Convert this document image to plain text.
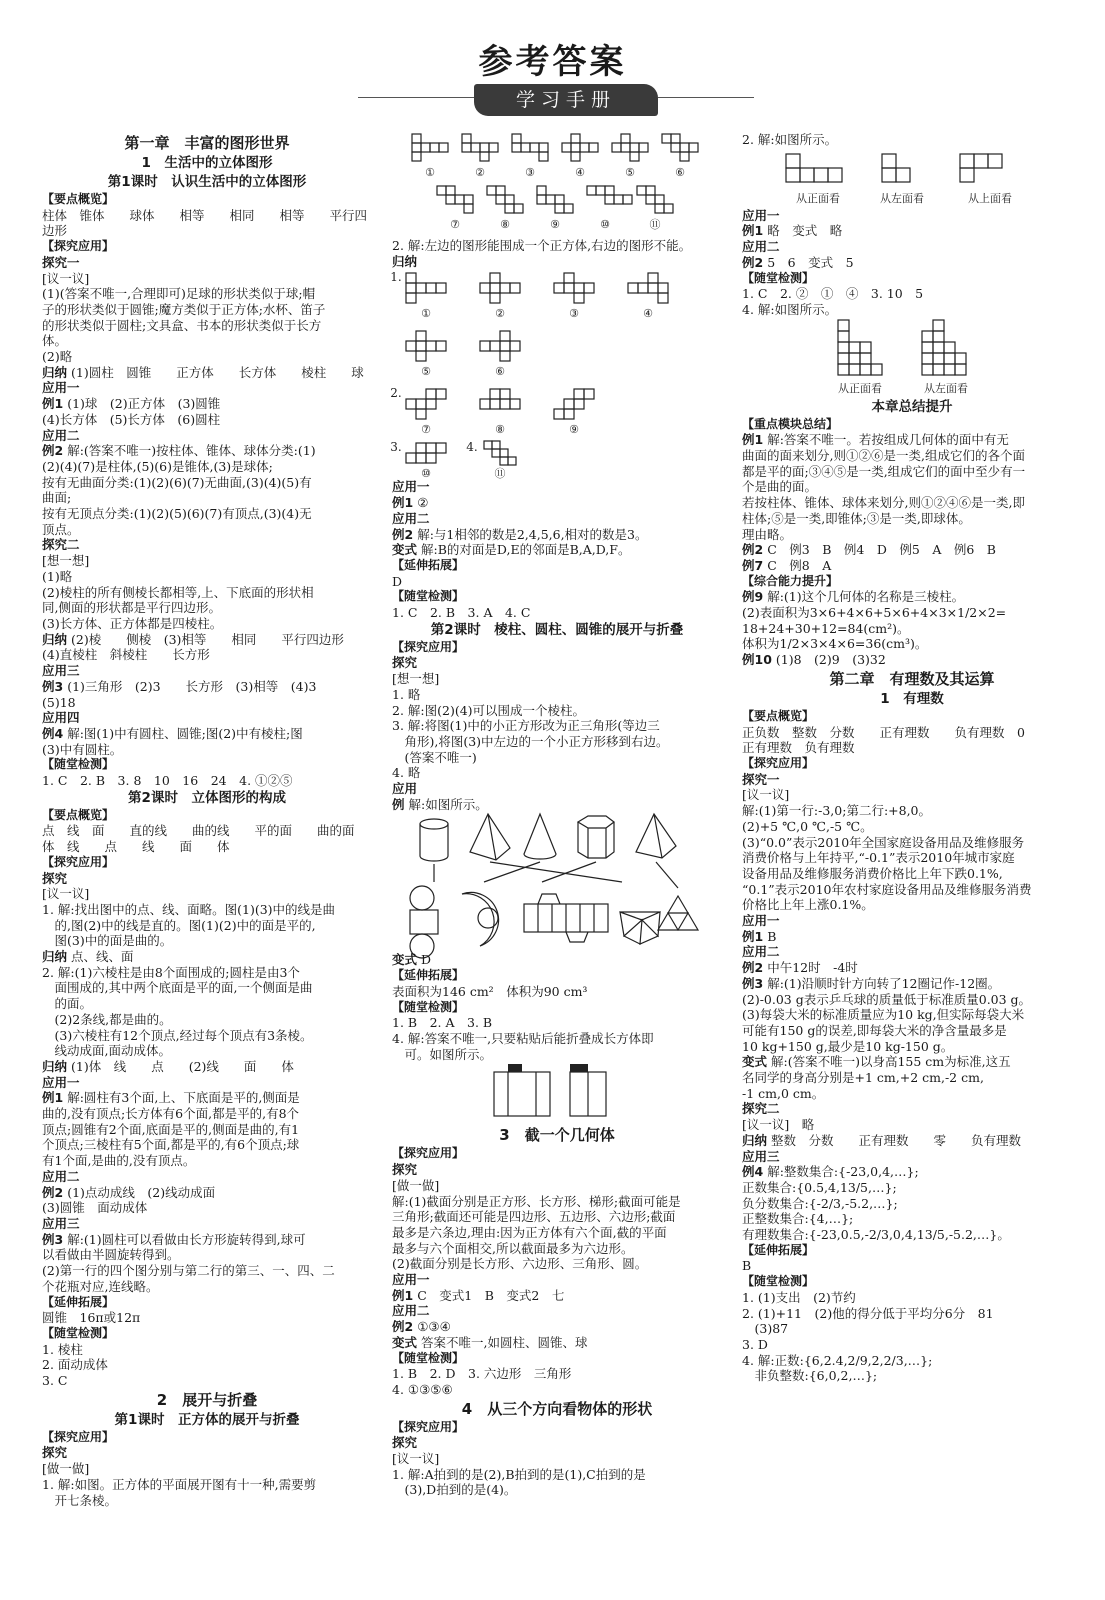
参考答案
学习手册
第一章　丰富的图形世界
1　生活中的立体图形
第1课时　认识生活中的立体图形
【要点概览】
柱体　锥体　　球体　　相等　　相同　　相等　　平行四
边形
【探究应用】
探究一
[议一议]
(1)(答案不唯一,合理即可)足球的形状类似于球;帽
子的形状类似于圆锥;魔方类似于正方体;水杯、笛子
的形状类似于圆柱;文具盒、书本的形状类似于长方
体。
(2)略
归纳 (1)圆柱　圆锥　　正方体　　长方体　　棱柱　　球
应用一
例1 (1)球　(2)正方体　(3)圆锥
(4)长方体　(5)长方体　(6)圆柱
应用二
例2 解:(答案不唯一)按柱体、锥体、球体分类:(1)
(2)(4)(7)是柱体,(5)(6)是锥体,(3)是球体;
按有无曲面分类:(1)(2)(6)(7)无曲面,(3)(4)(5)有
曲面;
按有无顶点分类:(1)(2)(5)(6)(7)有顶点,(3)(4)无
顶点。
探究二
[想一想]
(1)略
(2)棱柱的所有侧棱长都相等,上、下底面的形状相
同,侧面的形状都是平行四边形。
(3)长方体、正方体都是四棱柱。
归纳 (2)棱　　侧棱　(3)相等　　相同　　平行四边形
(4)直棱柱　斜棱柱　　长方形
应用三
例3 (1)三角形　(2)3　　长方形　(3)相等　(4)3
(5)18
应用四
例4 解:图(1)中有圆柱、圆锥;图(2)中有棱柱;图
(3)中有圆柱。
【随堂检测】
1. C　2. B　3. 8　10　16　24　4. ①②⑤
第2课时　立体图形的构成
【要点概览】
点　线　面　　直的线　　曲的线　　平的面　　曲的面
体　线　　点　　线　　面　　体
【探究应用】
探究
[议一议]
1. 解:找出图中的点、线、面略。图(1)(3)中的线是曲
　的,图(2)中的线是直的。图(1)(2)中的面是平的,
　图(3)中的面是曲的。
归纳 点、线、面
2. 解:(1)六棱柱是由8个面围成的;圆柱是由3个
　面围成的,其中两个底面是平的面,一个侧面是曲
　的面。
　(2)2条线,都是曲的。
　(3)六棱柱有12个顶点,经过每个顶点有3条棱。
　线动成面,面动成体。
归纳 (1)体　线　　点　　(2)线　　面　　体
应用一
例1 解:圆柱有3个面,上、下底面是平的,侧面是
曲的,没有顶点;长方体有6个面,都是平的,有8个
顶点;圆锥有2个面,底面是平的,侧面是曲的,有1
个顶点;三棱柱有5个面,都是平的,有6个顶点;球
有1个面,是曲的,没有顶点。
应用二
例2 (1)点动成线　(2)线动成面
(3)圆锥　面动成体
应用三
例3 解:(1)圆柱可以看做由长方形旋转得到,球可
以看做由半圆旋转得到。
(2)第一行的四个图分别与第二行的第三、一、四、二
个花瓶对应,连线略。
【延伸拓展】
圆锥　16π或12π
【随堂检测】
1. 棱柱
2. 面动成体
3. C
2　展开与折叠
第1课时　正方体的展开与折叠
【探究应用】
探究
[做一做]
1. 解:如图。正方体的平面展开图有十一种,需要剪
　开七条棱。
①	②	③	④	⑤	⑥
⑦	⑧	⑨	⑩	⑪
2. 解:左边的图形能围成一个正方体,右边的图形不能。
归纳
1.
①	②	③	④
⑤	⑥
2.
⑦	⑧	⑨
3.
⑩
4.
⑪
应用一
例1 ②
应用二
例2 解:与1相邻的数是2,4,5,6,相对的数是3。
变式 解:B的对面是D,E的邻面是B,A,D,F。
【延伸拓展】
D
【随堂检测】
1. C　2. B　3. A　4. C
第2课时　棱柱、圆柱、圆锥的展开与折叠
【探究应用】
探究
[想一想]
1. 略
2. 解:图(2)(4)可以围成一个棱柱。
3. 解:将图(1)中的小正方形改为正三角形(等边三
　角形),将图(3)中左边的一个小正方形移到右边。
　(答案不唯一)
4. 略
应用
例 解:如图所示。
变式 D
【延伸拓展】
表面积为146 cm²　体积为90 cm³
【随堂检测】
1. B　2. A　3. B
4. 解:答案不唯一,只要粘贴后能折叠成长方体即
　可。如图所示。
3　截一个几何体
【探究应用】
探究
[做一做]
解:(1)截面分别是正方形、长方形、梯形;截面可能是
三角形;截面还可能是四边形、五边形、六边形;截面
最多是六条边,理由:因为正方体有六个面,截的平面
最多与六个面相交,所以截面最多为六边形。
(2)截面分别是长方形、六边形、三角形、圆。
应用一
例1 C　变式1　B　变式2　七
应用二
例2 ①③④
变式 答案不唯一,如圆柱、圆锥、球
【随堂检测】
1. B　2. D　3. 六边形　三角形
4. ①③⑤⑥
4　从三个方向看物体的形状
【探究应用】
探究
[议一议]
1. 解:A拍到的是(2),B拍到的是(1),C拍到的是
　(3),D拍到的是(4)。
2. 解:如图所示。
从正面看	从左面看	从上面看
应用一
例1 略　变式　略
应用二
例2 5　6　变式　5
【随堂检测】
1. C　2. ②　①　④　3. 10　5
4. 解:如图所示。
从正面看	从左面看
本章总结提升
【重点模块总结】
例1 解:答案不唯一。若按组成几何体的面中有无
曲面的面来划分,则①②⑥是一类,组成它们的各个面
都是平的面;③④⑤是一类,组成它们的面中至少有一
个是曲的面。
若按柱体、锥体、球体来划分,则①②④⑥是一类,即
柱体;⑤是一类,即锥体;③是一类,即球体。
理由略。
例2 C　例3　B　例4　D　例5　A　例6　B
例7 C　例8　A
【综合能力提升】
例9 解:(1)这个几何体的名称是三棱柱。
(2)表面积为3×6+4×6+5×6+4×3×1/2×2=
18+24+30+12=84(cm²)。
体积为1/2×3×4×6=36(cm³)。
例10 (1)8　(2)9　(3)32
第二章　有理数及其运算
1　有理数
【要点概览】
正负数　整数　分数　　正有理数　　负有理数　0
正有理数　负有理数
【探究应用】
探究一
[议一议]
解:(1)第一行:-3,0;第二行:+8,0。
(2)+5 ℃,0 ℃,-5 ℃。
(3)“0.0”表示2010年全国家庭设备用品及维修服务
消费价格与上年持平,“-0.1”表示2010年城市家庭
设备用品及维修服务消费价格比上年下跌0.1%,
“0.1”表示2010年农村家庭设备用品及维修服务消费
价格比上年上涨0.1%。
应用一
例1 B
应用二
例2 中午12时　-4时
例3 解:(1)沿顺时针方向转了12圈记作-12圈。
(2)-0.03 g表示乒乓球的质量低于标准质量0.03 g。
(3)每袋大米的标准质量应为10 kg,但实际每袋大米
可能有150 g的误差,即每袋大米的净含量最多是
10 kg+150 g,最少是10 kg-150 g。
变式 解:(答案不唯一)以身高155 cm为标准,这五
名同学的身高分别是+1 cm,+2 cm,-2 cm,
-1 cm,0 cm。
探究二
[议一议]　略
归纳 整数　分数　　正有理数　　零　　负有理数
应用三
例4 解:整数集合:{-23,0,4,…};
正数集合:{0.5,4,13/5,…};
负分数集合:{-2/3,-5.2,…};
正整数集合:{4,…};
有理数集合:{-23,0.5,-2/3,0,4,13/5,-5.2,…}。
【延伸拓展】
B
【随堂检测】
1. (1)支出　(2)节约
2. (1)+11　(2)他的得分低于平均分6分　81
　(3)87
3. D
4. 解:正数:{6,2.4,2/9,2,2/3,…};
　非负整数:{6,0,2,…};
